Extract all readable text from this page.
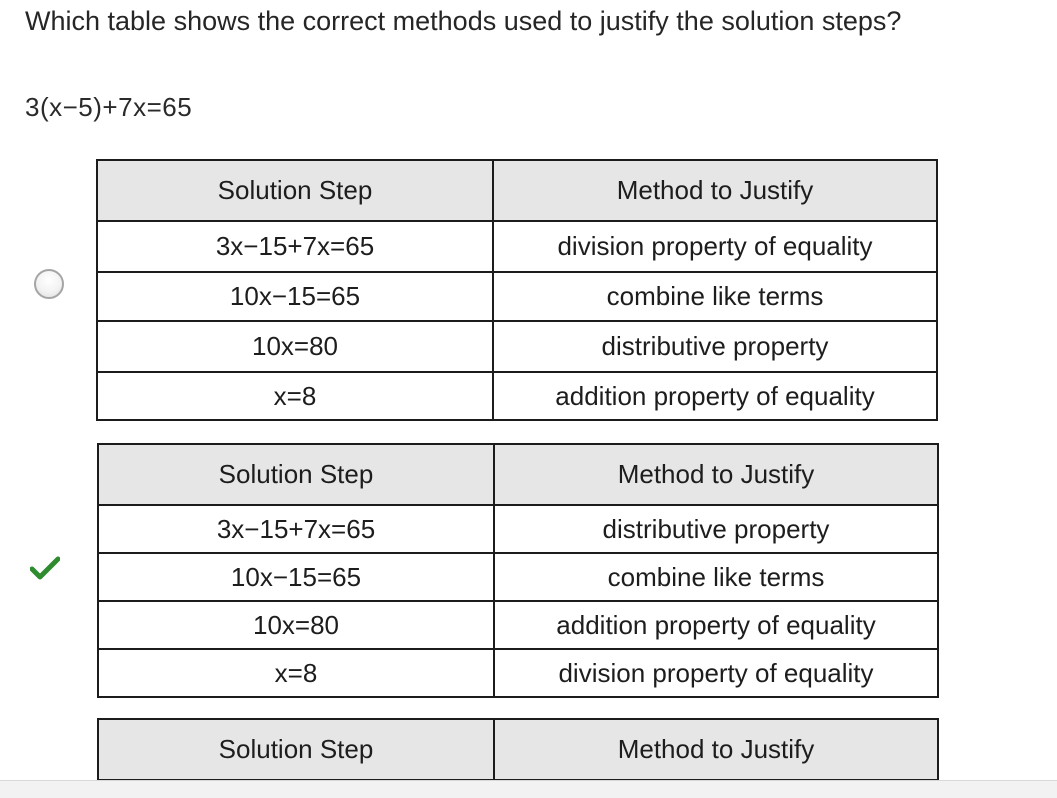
Which table shows the correct methods used to justify the solution steps?
3(x−5)+7x=65
Solution Step	Method to Justify
3x−15+7x=65	division property of equality
10x−15=65	combine like terms
10x=80	distributive property
x=8	addition property of equality
Solution Step	Method to Justify
3x−15+7x=65	distributive property
10x−15=65	combine like terms
10x=80	addition property of equality
x=8	division property of equality
Solution Step	Method to Justify
